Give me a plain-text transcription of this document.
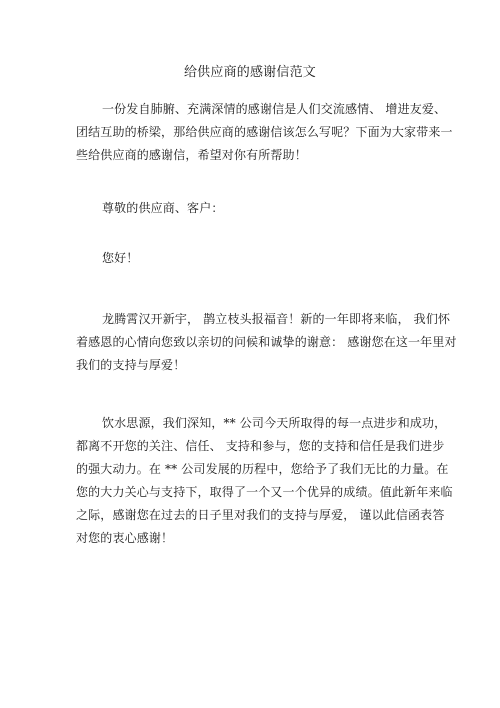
给供应商的感谢信范文

一份发自肺腑、充满深情的感谢信是人们交流感情、 增进友爱、
团结互助的桥梁，那给供应商的感谢信该怎么写呢？下面为大家带来一
些给供应商的感谢信，希望对你有所帮助！

尊敬的供应商、客户：

您好！

龙腾霄汉开新宇， 鹊立枝头报福音！新的一年即将来临， 我们怀
着感恩的心情向您致以亲切的问候和诚挚的谢意： 感谢您在这一年里对
我们的支持与厚爱！

饮水思源，我们深知，** 公司今天所取得的每一点进步和成功，
都离不开您的关注、信任、 支持和参与，您的支持和信任是我们进步
的强大动力。在 ** 公司发展的历程中，您给予了我们无比的力量。在
您的大力关心与支持下，取得了一个又一个优异的成绩。值此新年来临
之际，感谢您在过去的日子里对我们的支持与厚爱， 谨以此信函表答
对您的衷心感谢！
